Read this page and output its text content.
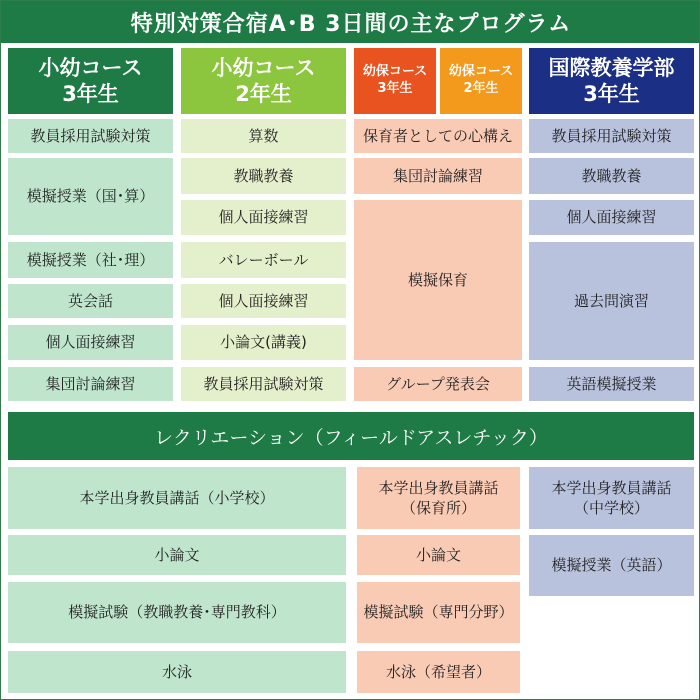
特別対策合宿A･B 3日間の主なプログラム
小幼コース
3年生
小幼コース
2年生
幼保コース
3年生
幼保コース
2年生
国際教養学部
3年生
教員採用試験対策
模擬授業（国･算）
模擬授業（社･理）
英会話
個人面接練習
集団討論練習
算数
教職教養
個人面接練習
バレーボール
個人面接練習
小論文(講義)
教員採用試験対策
保育者としての心構え
集団討論練習
模擬保育
グループ発表会
教員採用試験対策
教職教養
個人面接練習
過去問演習
英語模擬授業
レクリエーション（フィールドアスレチック）
本学出身教員講話（小学校）
小論文
模擬試験（教職教養･専門教科）
水泳
本学出身教員講話
（保育所）
小論文
模擬試験（専門分野）
水泳（希望者）
本学出身教員講話
（中学校）
模擬授業（英語）
